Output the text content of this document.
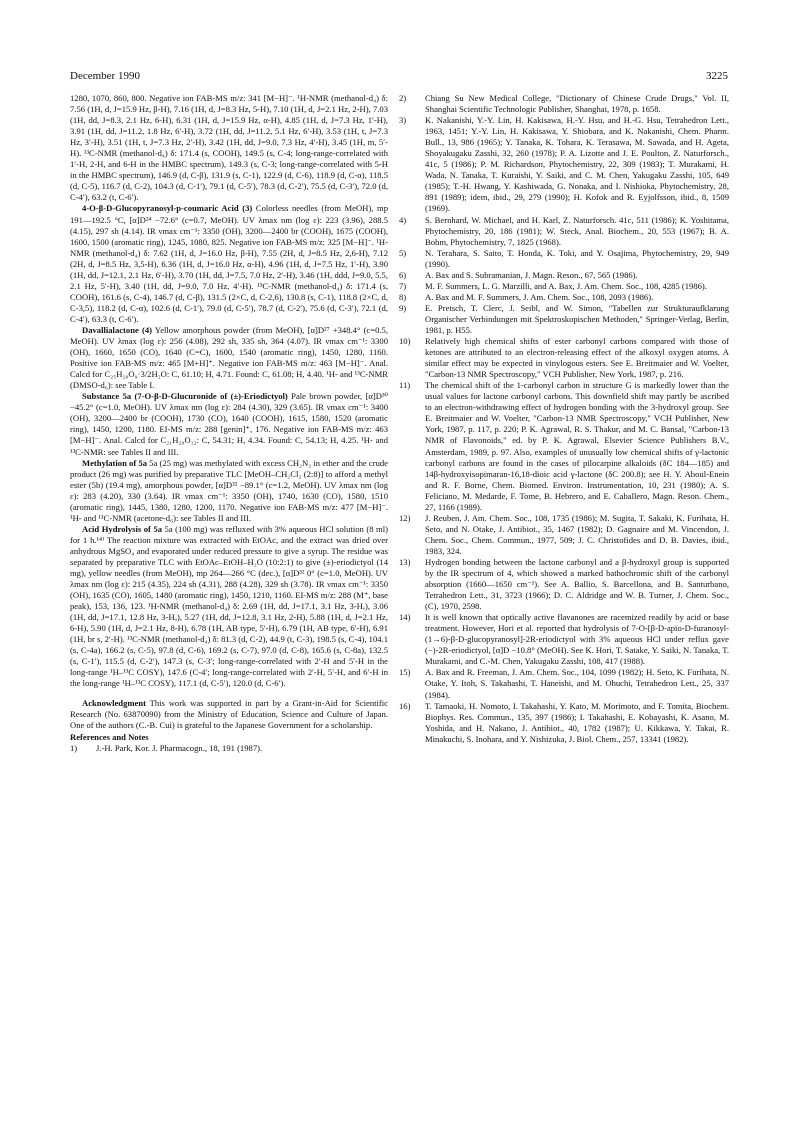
December 1990	3225

1280, 1070, 860, 800. Negative ion FAB-MS m/z: 341 [M−H]⁻. ¹H-NMR (methanol-d₄) δ: 7.56 (1H, d, J=15.9 Hz, β-H), 7.16 (1H, d, J=8.3 Hz, 5-H), 7.10 (1H, d, J=2.1 Hz, 2-H), 7.03 (1H, dd, J=8.3, 2.1 Hz, 6-H), 6.31 (1H, d, J=15.9 Hz, α-H), 4.85 (1H, d, J=7.3 Hz, 1′-H), 3.91 (1H, dd, J=11.2, 1.8 Hz, 6′-H), 3.72 (1H, dd, J=11.2, 5.1 Hz, 6′-H), 3.53 (1H, t, J=7.3 Hz, 3′-H), 3.51 (1H, t, J=7.3 Hz, 2′-H), 3.42 (1H, dd, J=9.0, 7.3 Hz, 4′-H), 3.45 (1H, m, 5′-H). ¹³C-NMR (methanol-d₄) δ: 171.4 (s, COOH), 149.5 (s, C-4; long-range-correlated with 1′-H, 2-H, and 6-H in the HMBC spectrum), 149.3 (s, C-3; long-range-correlated with 5-H in the HMBC spectrum), 146.9 (d, C-β), 131.9 (s, C-1), 122.9 (d, C-6), 118.9 (d, C-α), 118.5 (d, C-5), 116.7 (d, C-2), 104.3 (d, C-1′), 79.1 (d, C-5′), 78.3 (d, C-2′), 75.5 (d, C-3′), 72.0 (d, C-4′), 63.2 (t, C-6′).

4-O-β-D-Glucopyranosyl-p-coumaric Acid (3) Colorless needles (from MeOH), mp 191—192.5 °C, [α]D²⁴ −72.6° (c=0.7, MeOH). UV λmax nm (log ε): 223 (3.96), 288.5 (4.15), 297 sh (4.14). IR νmax cm⁻¹: 3350 (OH), 3200—2400 br (COOH), 1675 (COOH), 1600, 1500 (aromatic ring), 1245, 1080, 825. Negative ion FAB-MS m/z: 325 [M−H]⁻. ¹H-NMR (methanol-d₄) δ: 7.62 (1H, d, J=16.0 Hz, β-H), 7.55 (2H, d, J=8.5 Hz, 2,6-H), 7.12 (2H, d, J=8.5 Hz, 3,5-H), 6.36 (1H, d, J=16.0 Hz, α-H), 4.96 (1H, d, J=7.5 Hz, 1′-H), 3.90 (1H, dd, J=12.1, 2.1 Hz, 6′-H), 3.70 (1H, dd, J=7.5, 7.0 Hz, 2′-H), 3.46 (1H, ddd, J=9.0, 5.5, 2.1 Hz, 5′-H), 3.40 (1H, dd, J=9.0, 7.0 Hz, 4′-H). ¹³C-NMR (methanol-d₄) δ: 171.4 (s, COOH), 161.6 (s, C-4), 146.7 (d, C-β), 131.5 (2×C, d, C-2,6), 130.8 (s, C-1), 118.8 (2×C, d, C-3,5), 118.2 (d, C-α), 102.6 (d, C-1′), 79.0 (d, C-5′), 78.7 (d, C-2′), 75.6 (d, C-3′), 72.1 (d, C-4′), 63.3 (t, C-6′).

Davallialactone (4) Yellow amorphous powder (from MeOH), [α]D²⁷ +348.4° (c=0.5, MeOH). UV λmax (log ε): 256 (4.08), 292 sh, 335 sh, 364 (4.07). IR νmax cm⁻¹: 3300 (OH), 1660, 1650 (CO), 1640 (C=C), 1600, 1540 (aromatic ring), 1450, 1280, 1160. Positive ion FAB-MS m/z: 465 [M+H]⁺. Negative ion FAB-MS m/z: 463 [M−H]⁻. Anal. Calcd for C₂₅H₂₀O₉·3/2H₂O: C, 61.10; H, 4.71. Found: C, 61.08; H, 4.40. ¹H- and ¹³C-NMR (DMSO-d₆): see Table I.

Substance 5a (7-O-β-D-Glucuronide of (±)-Eriodictyol) Pale brown powder, [α]D³⁰ −45.2° (c=1.0, MeOH). UV λmax nm (log ε): 284 (4.30), 329 (3.65). IR νmax cm⁻¹: 3400 (OH), 3200—2400 br (COOH), 1730 (CO), 1640 (COOH), 1615, 1580, 1520 (aromatic ring), 1450, 1200, 1180. EI-MS m/z: 288 [genin]⁺, 176. Negative ion FAB-MS m/z: 463 [M−H]⁻. Anal. Calcd for C₂₁H₂₀O₁₂: C, 54.31; H, 4.34. Found: C, 54.13; H, 4.25. ¹H- and ¹³C-NMR: see Tables II and III.

Methylation of 5a 5a (25 mg) was methylated with excess CH₂N₂ in ether and the crude product (26 mg) was purified by preparative TLC [MeOH–CH₂Cl₂ (2:8)] to afford a methyl ester (5b) (19.4 mg), amorphous powder, [α]D³² −89.1° (c=1.2, MeOH). UV λmax nm (log ε): 283 (4.20), 330 (3.64). IR νmax cm⁻¹: 3350 (OH), 1740, 1630 (CO), 1580, 1510 (aromatic ring), 1445, 1380, 1280, 1200, 1170. Negative ion FAB-MS m/z: 477 [M−H]⁻. ¹H- and ¹³C-NMR (acetone-d₆): see Tables II and III.

Acid Hydrolysis of 5a 5a (100 mg) was refluxed with 3% aqueous HCl solution (8 ml) for 1 h.¹⁴⁾ The reaction mixture was extracted with EtOAc, and the extract was dried over anhydrous MgSO₄ and evaporated under reduced pressure to give a syrup. The residue was separated by preparative TLC with EtOAc–EtOH–H₂O (10:2:1) to give (±)-eriodictyol (14 mg), yellow needles (from MeOH), mp 264—266 °C (dec.), [α]D³² 0° (c=1.0, MeOH). UV λmax nm (log ε): 215 (4.35), 224 sh (4.31), 288 (4.28), 329 sh (3.78). IR νmax cm⁻¹: 3350 (OH), 1635 (CO), 1605, 1480 (aromatic ring), 1450, 1210, 1160. EI-MS m/z: 288 (M⁺, base peak), 153, 136, 123. ¹H-NMR (methanol-d₄) δ: 2.69 (1H, dd, J=17.1, 3.1 Hz, 3-Hₑ), 3.06 (1H, dd, J=17.1, 12.8 Hz, 3-Hₐ), 5.27 (1H, dd, J=12.8, 3.1 Hz, 2-H), 5.88 (1H, d, J=2.1 Hz, 6-H), 5.90 (1H, d, J=2.1 Hz, 8-H), 6.78 (1H, AB type, 5′-H), 6.79 (1H, AB type, 6′-H), 6.91 (1H, br s, 2′-H). ¹³C-NMR (methanol-d₄) δ: 81.3 (d, C-2), 44.9 (t, C-3), 198.5 (s, C-4), 104.1 (s, C-4a), 166.2 (s, C-5), 97.8 (d, C-6), 169.2 (s, C-7), 97.0 (d, C-8), 165.6 (s, C-8a), 132.5 (s, C-1′), 115.5 (d, C-2′), 147.3 (s, C-3′; long-range-correlated with 2′-H and 5′-H in the long-range ¹H–¹³C COSY), 147.6 (C-4′; long-range-correlated with 2′-H, 5′-H, and 6′-H in the long-range ¹H–¹³C COSY), 117.1 (d, C-5′), 120.0 (d, C-6′).

Acknowledgment This work was supported in part by a Grant-in-Aid for Scientific Research (No. 63870090) from the Ministry of Education, Science and Culture of Japan. One of the authors (C.-B. Cui) is grateful to the Japanese Government for a scholarship.

References and Notes
1)	J.-H. Park, Kor. J. Pharmacogn., 18, 191 (1987).
2)	Chiang Su New Medical College, "Dictionary of Chinese Crude Drugs," Vol. II, Shanghai Scientific Technologic Publisher, Shanghai, 1978, p. 1658.
3)	K. Nakanishi, Y.-Y. Lin, H. Kakisawa, H.-Y. Hsu, and H.-G. Hsu, Tetrahedron Lett., 1963, 1451; Y.-Y. Lin, H. Kakisawa, Y. Shiobara, and K. Nakanishi, Chem. Pharm. Bull., 13, 986 (1965); Y. Tanaka, K. Tohara, K. Terasawa, M. Sawada, and H. Ageta, Shoyakugaku Zasshi, 32, 260 (1978); P. A. Lizotte and J. E. Poulton, Z. Naturforsch., 41c, 5 (1986); P. M. Richardson, Phytochemistry, 22, 309 (1983); T. Murakami, H. Wada, N. Tanaka, T. Kuraishi, Y. Saiki, and C. M. Chen, Yakugaku Zasshi, 105, 649 (1985); T.-H. Hwang, Y. Kashiwada, G. Nonaka, and I. Nishioka, Phytochemistry, 28, 891 (1989); idem, ibid., 29, 279 (1990); H. Kofok and R. Eyjolfsson, ibid., 8, 1509 (1969).
4)	S. Bernhard, W. Michael, and H. Karl, Z. Naturforsch. 41c, 511 (1986); K. Yoshitama, Phytochemistry, 20, 186 (1981); W. Steck, Anal. Biochem., 20, 553 (1967); B. A. Bohm, Phytochemistry, 7, 1825 (1968).
5)	N. Terahara, S. Saito, T. Honda, K. Toki, and Y. Osajima, Phytochemistry, 29, 949 (1990).
6)	A. Bax and S. Subramanian, J. Magn. Reson., 67, 565 (1986).
7)	M. F. Summers, L. G. Marzilli, and A. Bax, J. Am. Chem. Soc., 108, 4285 (1986).
8)	A. Bax and M. F. Summers, J. Am. Chem. Soc., 108, 2093 (1986).
9)	E. Pretsch, T. Clerc, J. Seibl, and W. Simon, "Tabellen zur Strukturaufklarung Organischer Verbindungen mit Spektroskopischen Methoden," Springer-Verlag, Berlin, 1981, p. H55.
10)	Relatively high chemical shifts of ester carbonyl carbons compared with those of ketones are attributed to an electron-releasing effect of the alkoxyl oxygen atoms. A similar effect may be expected in vinylogous esters. See E. Breitmaier and W. Voelter, "Carbon-13 NMR Spectroscopy," VCH Publisher, New York, 1987, p. 216.
11)	The chemical shift of the 1-carbonyl carbon in structure G is markedly lower than the usual values for lactone carbonyl carbons. This downfield shift may partly be ascribed to an electron-withdrawing effect of hydrogen bonding with the 3-hydroxyl group. See E. Breitmaier and W. Voelter, "Carbon-13 NMR Spectroscopy," VCH Publisher, New York, 1987, p. 117, p. 220; P. K. Agrawal, R. S. Thakur, and M. C. Bansal, "Carbon-13 NMR of Flavonoids," ed. by P. K. Agrawal, Elsevier Science Publishers B.V., Amsterdam, 1989, p. 97. Also, examples of unusually low chemical shifts of γ-lactonic carbonyl carbons are found in the cases of pilocarpine alkaloids (δC 184—185) and 14β-hydroxyisopimaran-16,18-dioic acid γ-lactone (δC 200.8); see H. Y. Aboul-Enein and R. F. Borne, Chem. Biomed. Environ. Instrumentation, 10, 231 (1980); A. S. Feliciano, M. Medarde, F. Tome, B. Hebrero, and E. Caballero, Magn. Reson. Chem., 27, 1166 (1989).
12)	J. Reuben, J. Am. Chem. Soc., 108, 1735 (1986); M. Sugita, T. Sakaki, K. Furihata, H. Seto, and N. Otake, J. Antibiot., 35, 1467 (1982); D. Gagnaire and M. Vincendon, J. Chem. Soc., Chem. Commun., 1977, 509; J. C. Christofides and D. B. Davies, ibid., 1983, 324.
13)	Hydrogen bonding between the lactone carbonyl and a β-hydroxyl group is supported by the IR spectrum of 4, which showed a marked bathochromic shift of the carbonyl absorption (1660—1650 cm⁻¹). See A. Ballio, S. Barcellona, and B. Santurbano, Tetrahedron Lett., 31, 3723 (1966); D. C. Aldridge and W. B. Turner, J. Chem. Soc., (C), 1970, 2598.
14)	It is well known that optically active flavanones are racemized readily by acid or base treatment. However, Hori et al. reported that hydrolysis of 7-O-[β-D-apio-D-furanosyl-(1→6)-β-D-glucopyranosyl]-2R-eriodictyol with 3% aqueous HCl under reflux gave (−)-2R-eriodictyol, [α]D −10.8° (MeOH). See K. Hori, T. Satake, Y. Saiki, N. Tanaka, T. Murakami, and C.-M. Chen, Yakugaku Zasshi, 108, 417 (1988).
15)	A. Bax and R. Freeman, J. Am. Chem. Soc., 104, 1099 (1982); H. Seto, K. Furihata, N. Otake, Y. Itoh, S. Takahashi, T. Haneishi, and M. Ohuchi, Tetrahedron Lett., 25, 337 (1984).
16)	T. Tamaoki, H. Nomoto, I. Takahashi, Y. Kato, M. Morimoto, and F. Tomita, Biochem. Biophys. Res. Commun., 135, 397 (1986); I. Takahashi, E. Kobayashi, K. Asano, M. Yoshida, and H. Nakano, J. Antibiot., 40, 1782 (1987); U. Kikkawa, Y. Takai, R. Minakuchi, S. Inohara, and Y. Nishizuka, J. Biol. Chem., 257, 13341 (1982).
